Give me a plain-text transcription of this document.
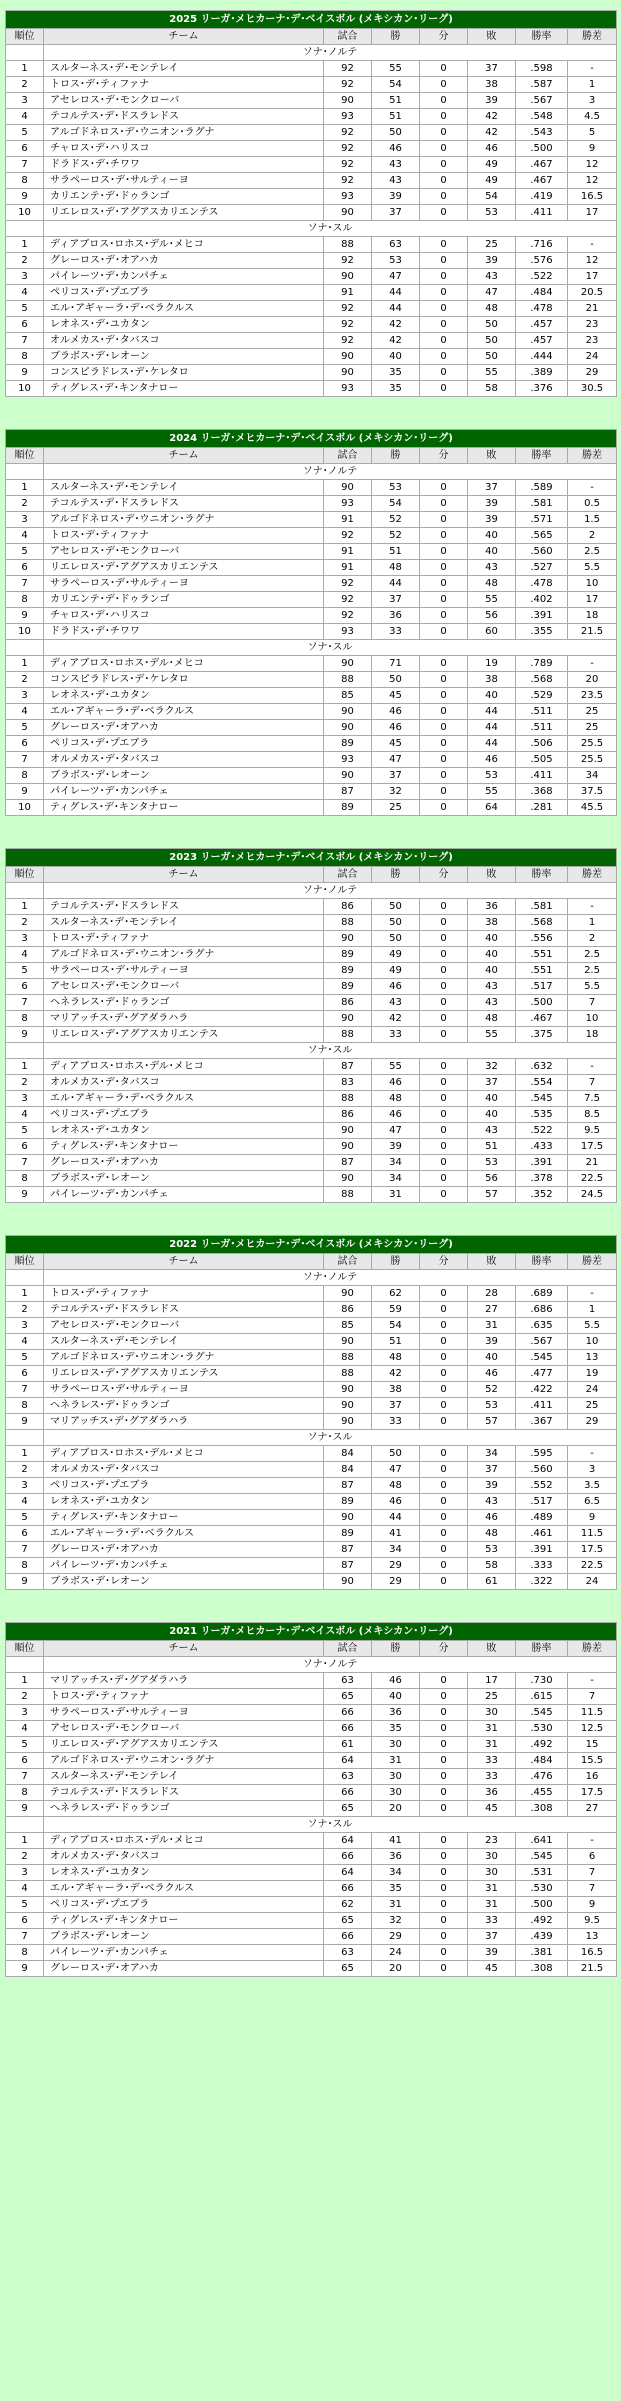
2025 リーガ･メヒカーナ･デ･ベイスボル (メキシカン･リーグ)							
順位	チーム	試合	勝	分	敗	勝率	勝差
	ソナ･ノルテ						
1	スルターネス･デ･モンテレイ	92	55	0	37	.598	-
2	トロス･デ･ティファナ	92	54	0	38	.587	1
3	アセレロス･デ･モンクローバ	90	51	0	39	.567	3
4	テコルテス･デ･ドスラレドス	93	51	0	42	.548	4.5
5	アルゴドネロス･デ･ウニオン･ラグナ	92	50	0	42	.543	5
6	チャロス･デ･ハリスコ	92	46	0	46	.500	9
7	ドラドス･デ･チワワ	92	43	0	49	.467	12
8	サラペーロス･デ･サルティーヨ	92	43	0	49	.467	12
9	カリエンテ･デ･ドゥランゴ	93	39	0	54	.419	16.5
10	リエレロス･デ･アグアスカリエンテス	90	37	0	53	.411	17
	ソナ･スル						
1	ディアブロス･ロホス･デル･メヒコ	88	63	0	25	.716	-
2	グレーロス･デ･オアハカ	92	53	0	39	.576	12
3	パイレーツ･デ･カンパチェ	90	47	0	43	.522	17
4	ペリコス･デ･プエブラ	91	44	0	47	.484	20.5
5	エル･アギャーラ･デ･ベラクルス	92	44	0	48	.478	21
6	レオネス･デ･ユカタン	92	42	0	50	.457	23
7	オルメカス･デ･タバスコ	92	42	0	50	.457	23
8	ブラボス･デ･レオーン	90	40	0	50	.444	24
9	コンスピラドレス･デ･ケレタロ	90	35	0	55	.389	29
10	ティグレス･デ･キンタナロー	93	35	0	58	.376	30.5
2024 リーガ･メヒカーナ･デ･ベイスボル (メキシカン･リーグ)							
順位	チーム	試合	勝	分	敗	勝率	勝差
	ソナ･ノルテ						
1	スルターネス･デ･モンテレイ	90	53	0	37	.589	-
2	テコルテス･デ･ドスラレドス	93	54	0	39	.581	0.5
3	アルゴドネロス･デ･ウニオン･ラグナ	91	52	0	39	.571	1.5
4	トロス･デ･ティファナ	92	52	0	40	.565	2
5	アセレロス･デ･モンクローバ	91	51	0	40	.560	2.5
6	リエレロス･デ･アグアスカリエンテス	91	48	0	43	.527	5.5
7	サラペーロス･デ･サルティーヨ	92	44	0	48	.478	10
8	カリエンテ･デ･ドゥランゴ	92	37	0	55	.402	17
9	チャロス･デ･ハリスコ	92	36	0	56	.391	18
10	ドラドス･デ･チワワ	93	33	0	60	.355	21.5
	ソナ･スル						
1	ディアブロス･ロホス･デル･メヒコ	90	71	0	19	.789	-
2	コンスピラドレス･デ･ケレタロ	88	50	0	38	.568	20
3	レオネス･デ･ユカタン	85	45	0	40	.529	23.5
4	エル･アギャーラ･デ･ベラクルス	90	46	0	44	.511	25
5	グレーロス･デ･オアハカ	90	46	0	44	.511	25
6	ペリコス･デ･プエブラ	89	45	0	44	.506	25.5
7	オルメカス･デ･タバスコ	93	47	0	46	.505	25.5
8	ブラボス･デ･レオーン	90	37	0	53	.411	34
9	パイレーツ･デ･カンパチェ	87	32	0	55	.368	37.5
10	ティグレス･デ･キンタナロー	89	25	0	64	.281	45.5
2023 リーガ･メヒカーナ･デ･ベイスボル (メキシカン･リーグ)							
順位	チーム	試合	勝	分	敗	勝率	勝差
	ソナ･ノルテ						
1	テコルテス･デ･ドスラレドス	86	50	0	36	.581	-
2	スルターネス･デ･モンテレイ	88	50	0	38	.568	1
3	トロス･デ･ティファナ	90	50	0	40	.556	2
4	アルゴドネロス･デ･ウニオン･ラグナ	89	49	0	40	.551	2.5
5	サラペーロス･デ･サルティーヨ	89	49	0	40	.551	2.5
6	アセレロス･デ･モンクローバ	89	46	0	43	.517	5.5
7	ヘネラレス･デ･ドゥランゴ	86	43	0	43	.500	7
8	マリアッチス･デ･グアダラハラ	90	42	0	48	.467	10
9	リエレロス･デ･アグアスカリエンテス	88	33	0	55	.375	18
	ソナ･スル						
1	ディアブロス･ロホス･デル･メヒコ	87	55	0	32	.632	-
2	オルメカス･デ･タバスコ	83	46	0	37	.554	7
3	エル･アギャーラ･デ･ベラクルス	88	48	0	40	.545	7.5
4	ペリコス･デ･プエブラ	86	46	0	40	.535	8.5
5	レオネス･デ･ユカタン	90	47	0	43	.522	9.5
6	ティグレス･デ･キンタナロー	90	39	0	51	.433	17.5
7	グレーロス･デ･オアハカ	87	34	0	53	.391	21
8	ブラボス･デ･レオーン	90	34	0	56	.378	22.5
9	パイレーツ･デ･カンパチェ	88	31	0	57	.352	24.5
2022 リーガ･メヒカーナ･デ･ベイスボル (メキシカン･リーグ)							
順位	チーム	試合	勝	分	敗	勝率	勝差
	ソナ･ノルテ						
1	トロス･デ･ティファナ	90	62	0	28	.689	-
2	テコルテス･デ･ドスラレドス	86	59	0	27	.686	1
3	アセレロス･デ･モンクローバ	85	54	0	31	.635	5.5
4	スルターネス･デ･モンテレイ	90	51	0	39	.567	10
5	アルゴドネロス･デ･ウニオン･ラグナ	88	48	0	40	.545	13
6	リエレロス･デ･アグアスカリエンテス	88	42	0	46	.477	19
7	サラペーロス･デ･サルティーヨ	90	38	0	52	.422	24
8	ヘネラレス･デ･ドゥランゴ	90	37	0	53	.411	25
9	マリアッチス･デ･グアダラハラ	90	33	0	57	.367	29
	ソナ･スル						
1	ディアブロス･ロホス･デル･メヒコ	84	50	0	34	.595	-
2	オルメカス･デ･タバスコ	84	47	0	37	.560	3
3	ペリコス･デ･プエブラ	87	48	0	39	.552	3.5
4	レオネス･デ･ユカタン	89	46	0	43	.517	6.5
5	ティグレス･デ･キンタナロー	90	44	0	46	.489	9
6	エル･アギャーラ･デ･ベラクルス	89	41	0	48	.461	11.5
7	グレーロス･デ･オアハカ	87	34	0	53	.391	17.5
8	パイレーツ･デ･カンパチェ	87	29	0	58	.333	22.5
9	ブラボス･デ･レオーン	90	29	0	61	.322	24
2021 リーガ･メヒカーナ･デ･ベイスボル (メキシカン･リーグ)							
順位	チーム	試合	勝	分	敗	勝率	勝差
	ソナ･ノルテ						
1	マリアッチス･デ･グアダラハラ	63	46	0	17	.730	-
2	トロス･デ･ティファナ	65	40	0	25	.615	7
3	サラペーロス･デ･サルティーヨ	66	36	0	30	.545	11.5
4	アセレロス･デ･モンクローバ	66	35	0	31	.530	12.5
5	リエレロス･デ･アグアスカリエンテス	61	30	0	31	.492	15
6	アルゴドネロス･デ･ウニオン･ラグナ	64	31	0	33	.484	15.5
7	スルターネス･デ･モンテレイ	63	30	0	33	.476	16
8	テコルテス･デ･ドスラレドス	66	30	0	36	.455	17.5
9	ヘネラレス･デ･ドゥランゴ	65	20	0	45	.308	27
	ソナ･スル						
1	ディアブロス･ロホス･デル･メヒコ	64	41	0	23	.641	-
2	オルメカス･デ･タバスコ	66	36	0	30	.545	6
3	レオネス･デ･ユカタン	64	34	0	30	.531	7
4	エル･アギャーラ･デ･ベラクルス	66	35	0	31	.530	7
5	ペリコス･デ･プエブラ	62	31	0	31	.500	9
6	ティグレス･デ･キンタナロー	65	32	0	33	.492	9.5
7	ブラボス･デ･レオーン	66	29	0	37	.439	13
8	パイレーツ･デ･カンパチェ	63	24	0	39	.381	16.5
9	グレーロス･デ･オアハカ	65	20	0	45	.308	21.5
